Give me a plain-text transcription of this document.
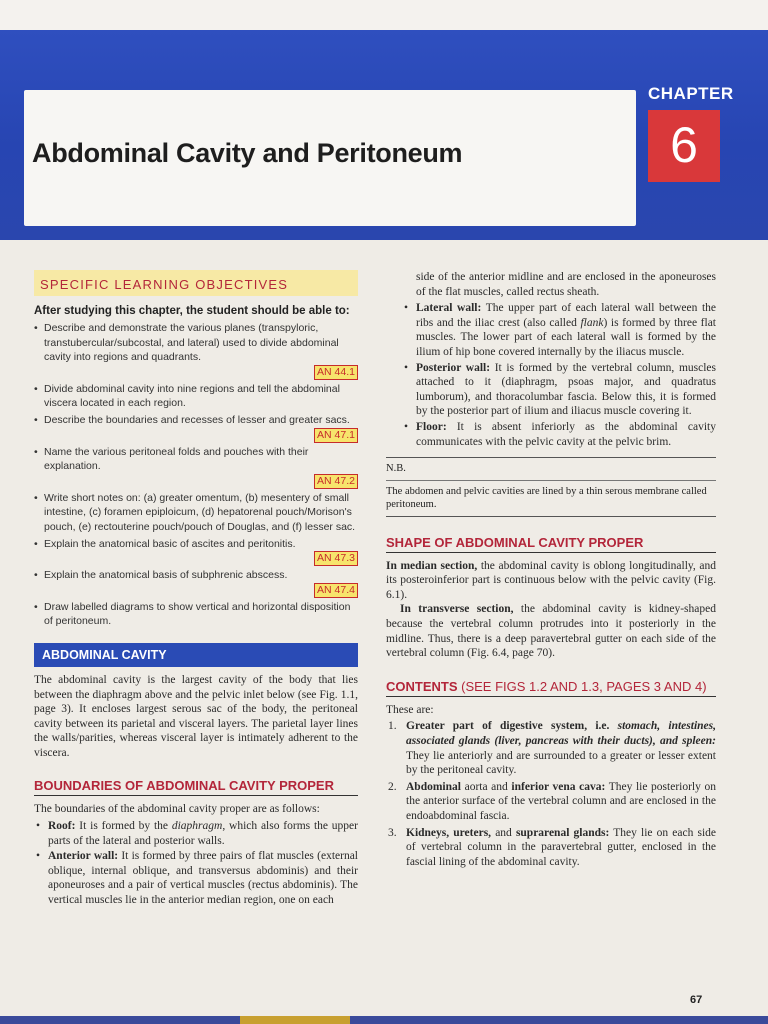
Abdominal Cavity and Peritoneum
CHAPTER
6
SPECIFIC LEARNING OBJECTIVES
After studying this chapter, the student should be able to:
• Describe and demonstrate the various planes (transpyloric, transtubercular/subcostal, and lateral) used to divide abdominal cavity into regions and quadrants.
AN 44.1
• Divide abdominal cavity into nine regions and tell the abdominal viscera located in each region.
• Describe the boundaries and recesses of lesser and greater sacs.
AN 47.1
• Name the various peritoneal folds and pouches with their explanation.
AN 47.2
• Write short notes on: (a) greater omentum, (b) mesentery of small intestine, (c) foramen epiploicum, (d) hepatorenal pouch/Morison's pouch, (e) rectouterine pouch/pouch of Douglas, and (f) lesser sac.
• Explain the anatomical basic of ascites and peritonitis.
AN 47.3
• Explain the anatomical basis of subphrenic abscess.
AN 47.4
• Draw labelled diagrams to show vertical and horizontal disposition of peritoneum.
ABDOMINAL CAVITY

The abdominal cavity is the largest cavity of the body that lies between the diaphragm above and the pelvic inlet below (see Fig. 1.1, page 3). It encloses largest serous sac of the body, the peritoneal cavity between its parietal and visceral layers. The parietal layer lines the walls/parities, whereas visceral layer is intimately adherent to the viscera.

BOUNDARIES OF ABDOMINAL CAVITY PROPER

The boundaries of the abdominal cavity proper are as follows:

• Roof: It is formed by the diaphragm, which also forms the upper parts of the lateral and posterior walls.
• Anterior wall: It is formed by three pairs of flat muscles (external oblique, internal oblique, and transversus abdominis) and their aponeuroses and a pair of vertical muscles (rectus abdominis). The vertical muscles lie in the anterior median region, one on each

side of the anterior midline and are enclosed in the aponeuroses of the flat muscles, called rectus sheath.

• Lateral wall: The upper part of each lateral wall between the ribs and the iliac crest (also called flank) is formed by three flat muscles. The lower part of each lateral wall is formed by the ilium of hip bone covered internally by the iliacus muscle.
• Posterior wall: It is formed by the vertebral column, muscles attached to it (diaphragm, psoas major, and quadratus lumborum), and thoracolumbar fascia. Below this, it is formed by the posterior part of ilium and iliacus muscle covering it.
• Floor: It is absent inferiorly as the abdominal cavity communicates with the pelvic cavity at the pelvic brim.
N.B.
The abdomen and pelvic cavities are lined by a thin serous membrane called peritoneum.
SHAPE OF ABDOMINAL CAVITY PROPER

In median section, the abdominal cavity is oblong longitudinally, and its posteroinferior part is continuous below with the pelvic cavity (Fig. 6.1).

In transverse section, the abdominal cavity is kidney-shaped because the vertebral column protrudes into it posteriorly in the midline. Thus, there is a deep paravertebral gutter on each side of the vertebral column (Fig. 6.4, page 70).

CONTENTS (SEE FIGS 1.2 AND 1.3, PAGES 3 AND 4)

These are:

1. Greater part of digestive system, i.e. stomach, intestines, associated glands (liver, pancreas with their ducts), and spleen: They lie anteriorly and are surrounded to a greater or lesser extent by the peritoneal cavity.
2. Abdominal aorta and inferior vena cava: They lie posteriorly on the anterior surface of the vertebral column and are enclosed in the endoabdominal fascia.
3. Kidneys, ureters, and suprarenal glands: They lie on each side of vertebral column in the paravertebral gutter, enclosed in the fascial lining of the abdominal cavity.
67
